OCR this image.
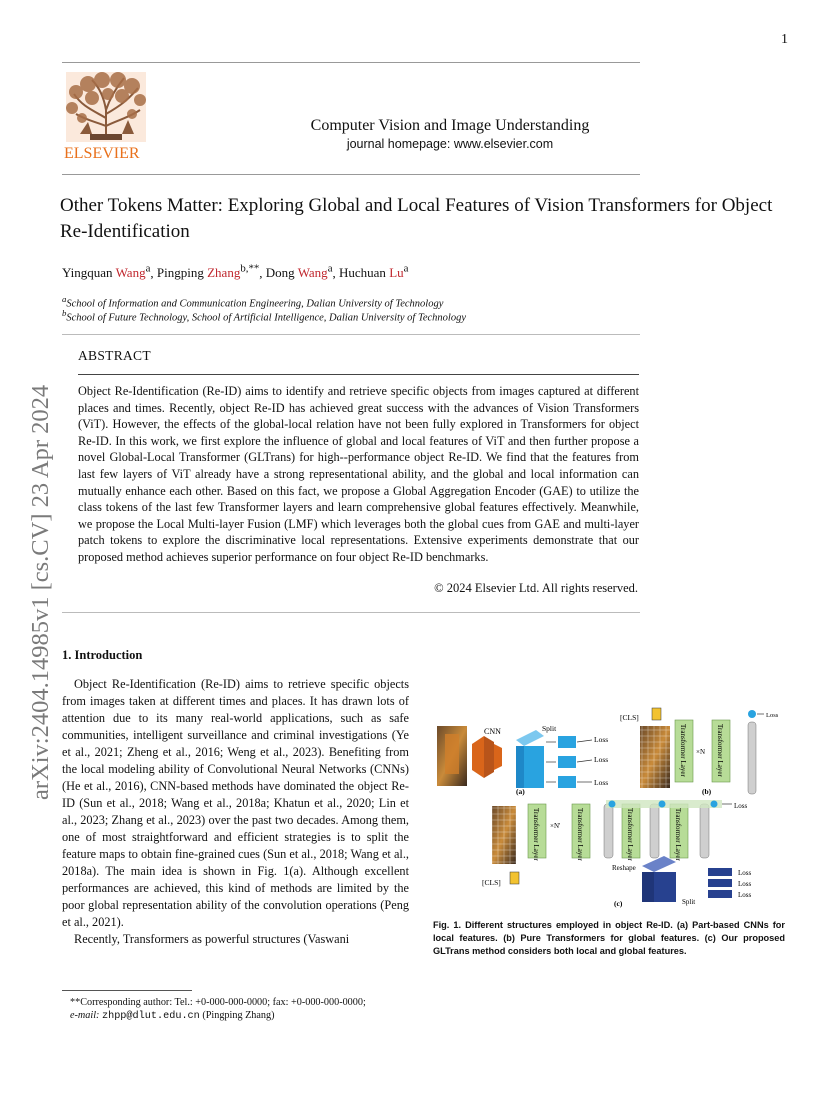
1
ELSEVIER
Computer Vision and Image Understanding
journal homepage: www.elsevier.com
arXiv:2404.14985v1 [cs.CV] 23 Apr 2024
Other Tokens Matter: Exploring Global and Local Features of Vision Transformers for Object Re-Identification
Yingquan Wang$^a$, Pingping Zhang$^{b,**}$, Dong Wang$^a$, Huchuan Lu$^a$
$^a$School of Information and Communication Engineering, Dalian University of Technology
$^b$School of Future Technology, School of Artificial Intelligence, Dalian University of Technology
ABSTRACT
Object Re-Identification (Re-ID) aims to identify and retrieve specific objects from images captured at different places and times. Recently, object Re-ID has achieved great success with the advances of Vision Transformers (ViT). However, the effects of the global-local relation have not been fully explored in Transformers for object Re-ID. In this work, we first explore the influence of global and local features of ViT and then further propose a novel Global-Local Transformer (GLTrans) for high--performance object Re-ID. We find that the features from last few layers of ViT already have a strong representational ability, and the global and local information can mutually enhance each other. Based on this fact, we propose a Global Aggregation Encoder (GAE) to utilize the class tokens of the last few Transformer layers and learn comprehensive global features effectively. Meanwhile, we propose the Local Multi-layer Fusion (LMF) which leverages both the global cues from GAE and multi-layer patch tokens to explore the discriminative local representations. Extensive experiments demonstrate that our proposed method achieves superior performance on four object Re-ID benchmarks.
© 2024 Elsevier Ltd. All rights reserved.
1. Introduction

Object Re-Identification (Re-ID) aims to retrieve specific objects from images taken at different times and places. It has drawn lots of attention due to its many real-world applications, such as safe communities, intelligent surveillance and criminal investigations (Ye et al., 2021; Zheng et al., 2016; Weng et al., 2023). Benefiting from the local modeling ability of Convolutional Neural Networks (CNNs) (He et al., 2016), CNN-based methods have dominated the object Re-ID (Sun et al., 2018; Wang et al., 2018a; Khatun et al., 2020; Lin et al., 2023; Zhang et al., 2023) over the past two decades. Among them, one of most straightforward and efficient strategies is to split the feature maps to obtain fine-grained cues (Sun et al., 2018; Wang et al., 2018a). The main idea is shown in Fig. 1(a). Although excellent performances are achieved, this kind of methods are limited by the poor global representation ability of the convolution operations (Peng et al., 2021).

Recently, Transformers as powerful structures (Vaswani

CNN	Split
Loss
Loss
Loss
(a)
[CLS]
Transformer Layer ×N Transformer Layer
Loss
(b)
Transformer Layer ×N' Transformer Layer	Transformer Layer	Transformer Layer
Loss
Reshape
[CLS]
Split
Loss
Loss
Loss
(c)
Fig. 1. Different structures employed in object Re-ID. (a) Part-based CNNs for local features. (b) Pure Transformers for global features. (c) Our proposed GLTrans method considers both local and global features.
**Corresponding author: Tel.: +0-000-000-0000; fax: +0-000-000-0000;
e-mail: zhpp@dlut.edu.cn (Pingping Zhang)
